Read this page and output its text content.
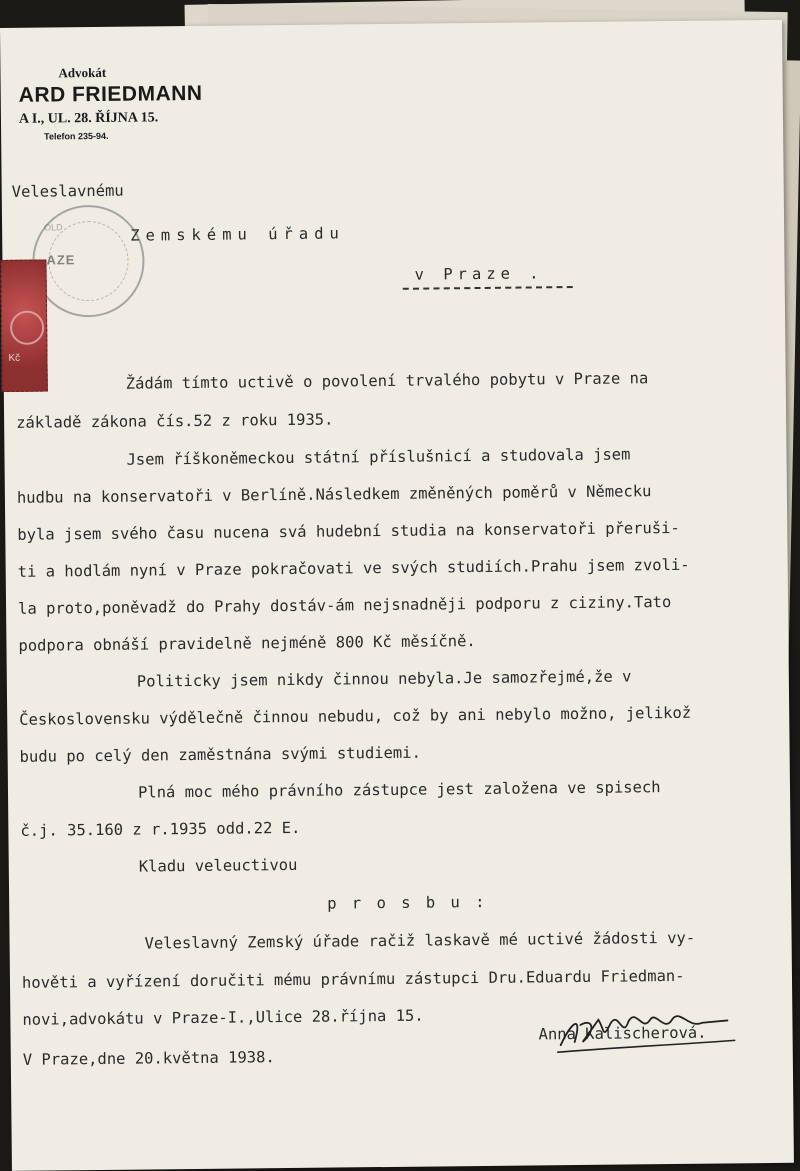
Advokát
ARD FRIEDMANN
A I., UL. 28. ŘÍJNA 15.
Telefon 235-94.
OLD
AZE
Kč
Veleslavnému
Zemskému úřadu
v Praze .
Žádám tímto uctivě o povolení trvalého pobytu v Praze na
základě zákona čís.52 z roku 1935.
Jsem říškoněmeckou státní příslušnicí a studovala jsem
hudbu na konservatoři v Berlíně.Následkem změněných poměrů v Německu
byla jsem svého času nucena svá hudební studia na konservatoři přeruši-
ti a hodlám nyní v Praze pokračovati ve svých studiích.Prahu jsem zvoli-
la proto,poněvadž do Prahy dostáv-ám nejsnadněji podporu z ciziny.Tato
podpora obnáší pravidelně nejméně 800 Kč měsíčně.
Politicky jsem nikdy činnou nebyla.Je samozřejmé,že v
Československu výdělečně činnou nebudu, což by ani nebylo možno, jelikož
budu po celý den zaměstnána svými studiemi.
Plná moc mého právního zástupce jest založena ve spisech
č.j. 35.160 z r.1935 odd.22 E.
Kladu veleuctivou
p r o s b u :
Veleslavný Zemský úřade račiž laskavě mé uctivé žádosti vy-
hověti a vyřízení doručiti mému právnímu zástupci Dru.Eduardu Friedman-
novi,advokátu v Praze-I.,Ulice 28.října 15.
Anna Kalischerová.
V Praze,dne 20.května 1938.
